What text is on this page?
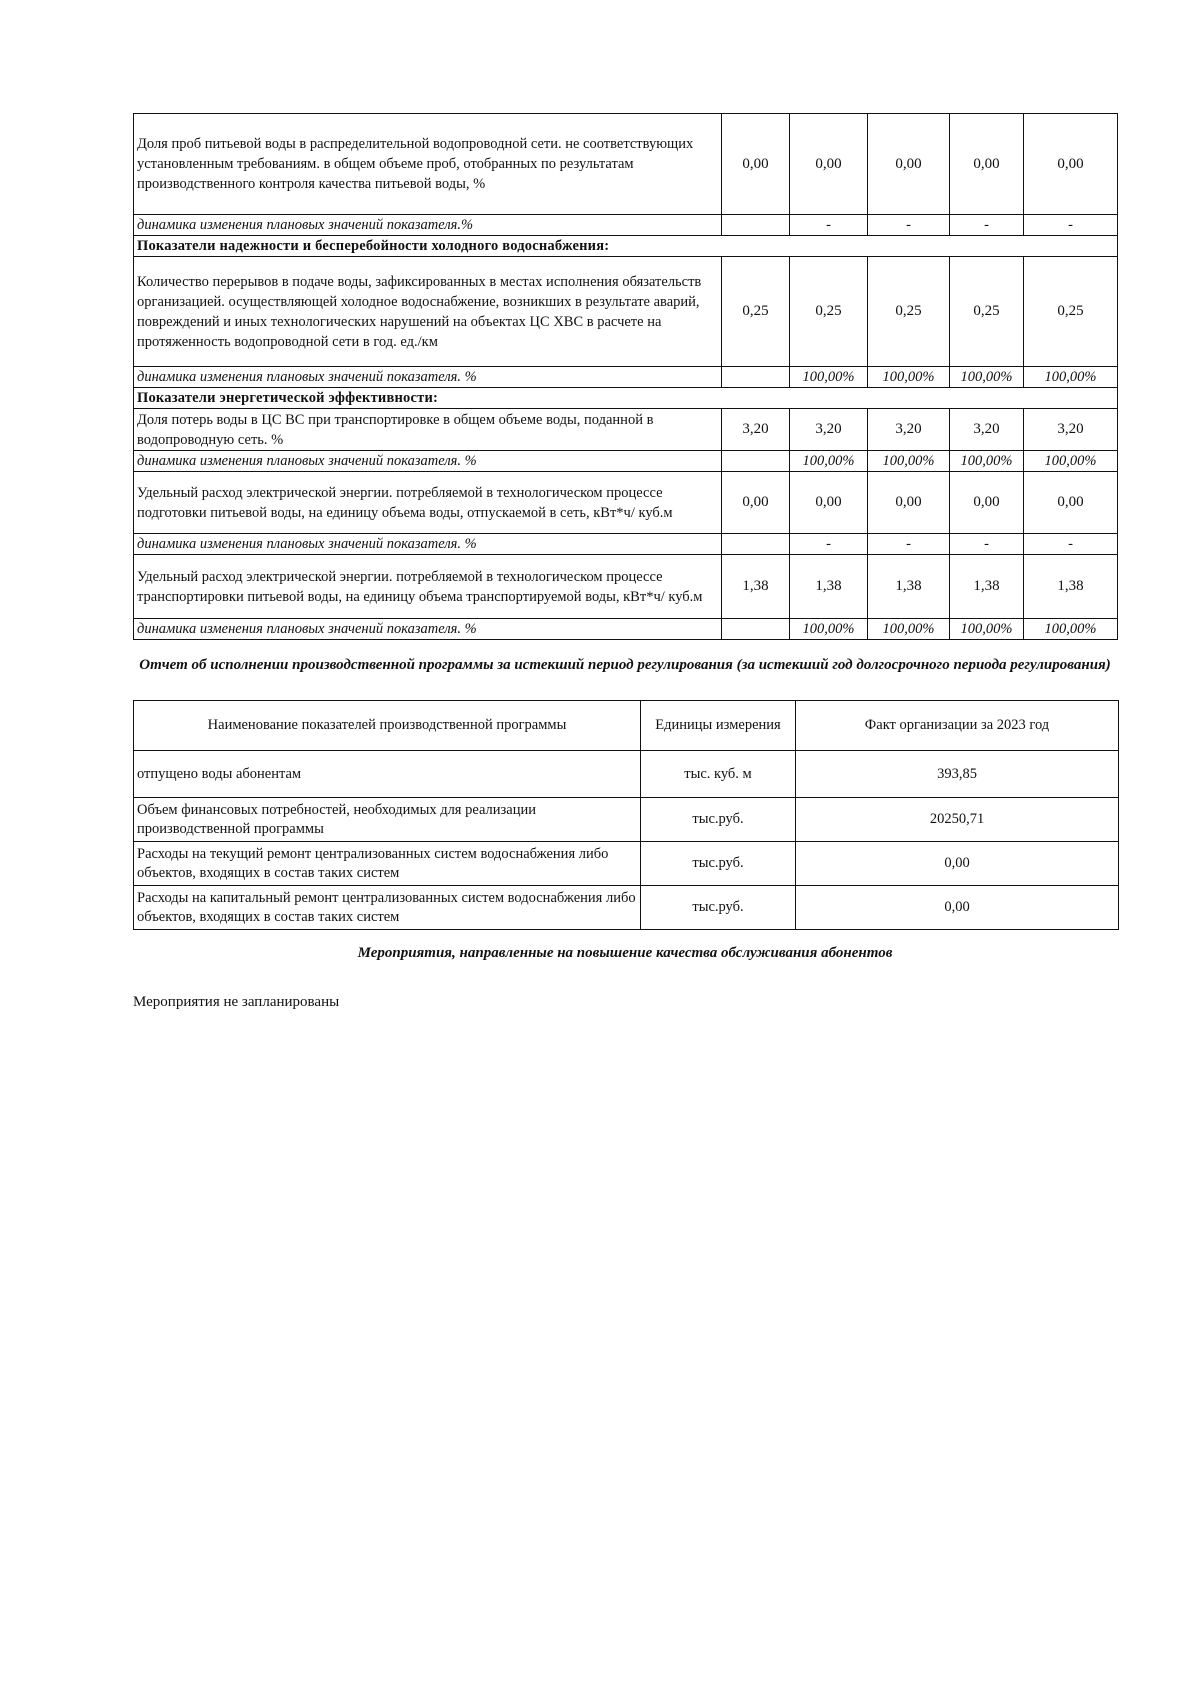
Доля проб питьевой воды в распределительной водопроводной сети. не соответствующих установленным требованиям. в общем объеме проб, отобранных по результатам производственного контроля качества питьевой воды, %	0,00	0,00	0,00	0,00	0,00
динамика изменения плановых значений показателя.%		-	-	-	-
Показатели надежности и бесперебойности холодного водоснабжения:					
Количество перерывов в подаче воды, зафиксированных в местах исполнения обязательств организацией. осуществляющей холодное водоснабжение, возникших в результате аварий, повреждений и иных технологических нарушений на объектах ЦС ХВС в расчете на протяженность водопроводной сети в год. ед./км	0,25	0,25	0,25	0,25	0,25
динамика изменения плановых значений показателя. %		100,00%	100,00%	100,00%	100,00%
Показатели энергетической эффективности:					
Доля потерь воды в ЦС ВС при транспортировке в общем объеме воды, поданной в водопроводную сеть. %	3,20	3,20	3,20	3,20	3,20
динамика изменения плановых значений показателя. %		100,00%	100,00%	100,00%	100,00%
Удельный расход электрической энергии. потребляемой в технологическом процессе подготовки питьевой воды, на единицу объема воды, отпускаемой в сеть, кВт*ч/ куб.м	0,00	0,00	0,00	0,00	0,00
динамика изменения плановых значений показателя. %		-	-	-	-
Удельный расход электрической энергии. потребляемой в технологическом процессе транспортировки питьевой воды, на единицу объема транспортируемой воды, кВт*ч/ куб.м	1,38	1,38	1,38	1,38	1,38
динамика изменения плановых значений показателя. %		100,00%	100,00%	100,00%	100,00%
Отчет об исполнении производственной программы за истекший период регулирования (за истекший год долгосрочного периода регулирования)
Наименование показателей производственной программы	Единицы измерения	Факт организации за 2023 год
отпущено воды абонентам	тыс. куб. м	393,85
Объем финансовых потребностей, необходимых для реализации производственной программы	тыс.руб.	20250,71
Расходы на текущий ремонт централизованных систем водоснабжения либо объектов, входящих в состав таких систем	тыс.руб.	0,00
Расходы на капитальный ремонт централизованных систем водоснабжения либо объектов, входящих в состав таких систем	тыс.руб.	0,00
Мероприятия, направленные на повышение качества обслуживания абонентов
Мероприятия не запланированы
